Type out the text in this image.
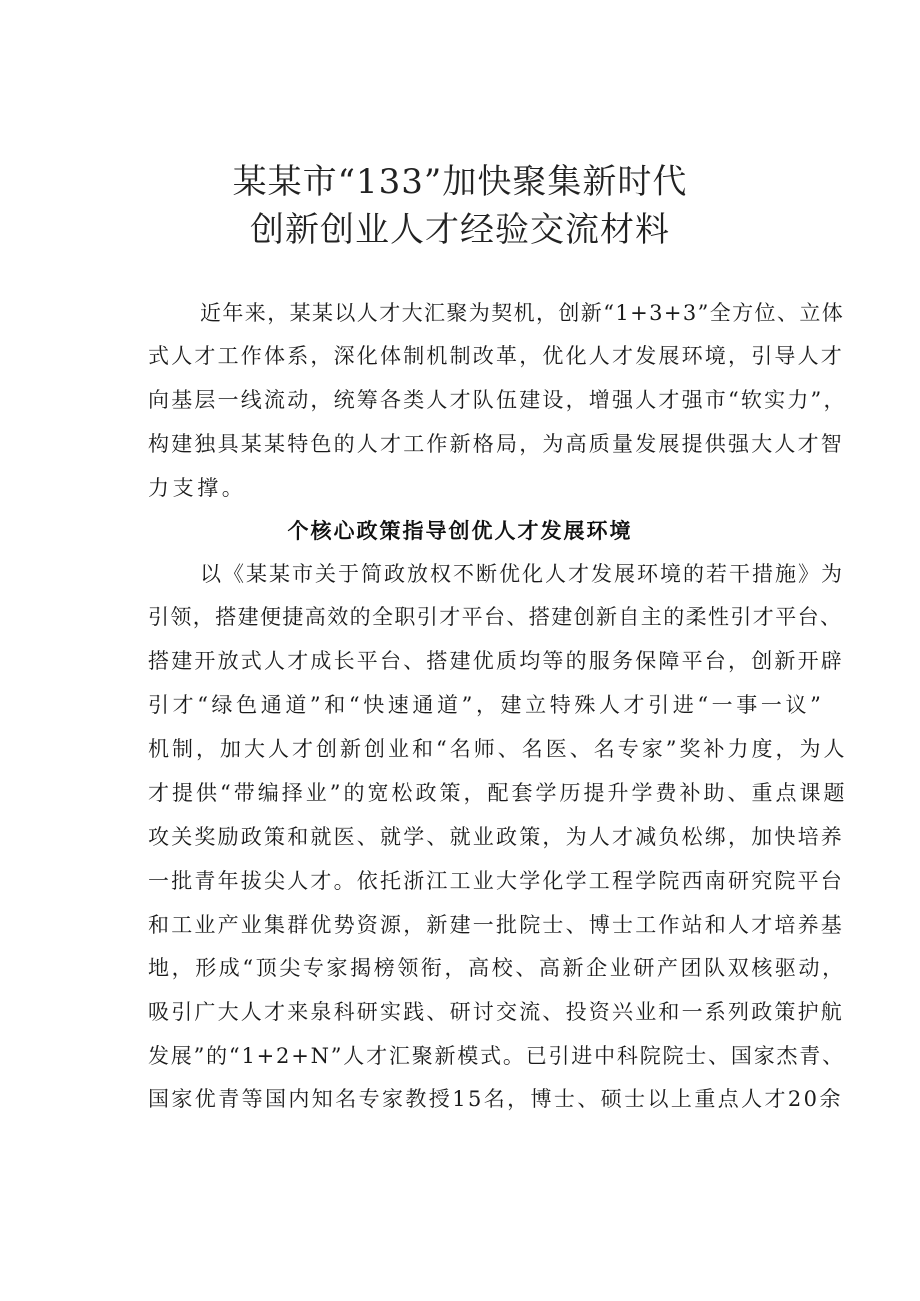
某某市“133”加快聚集新时代
创新创业人才经验交流材料

近年来，某某以人才大汇聚为契机，创新“1+3+3”全方位、立体

式人才工作体系，深化体制机制改革，优化人才发展环境，引导人才

向基层一线流动，统筹各类人才队伍建设，增强人才强市“软实力”，

构建独具某某特色的人才工作新格局，为高质量发展提供强大人才智

力支撑。

个核心政策指导创优人才发展环境

以《某某市关于简政放权不断优化人才发展环境的若干措施》为

引领，搭建便捷高效的全职引才平台、搭建创新自主的柔性引才平台、

搭建开放式人才成长平台、搭建优质均等的服务保障平台，创新开辟

引才“绿色通道”和“快速通道”，建立特殊人才引进“一事一议”

机制，加大人才创新创业和“名师、名医、名专家”奖补力度，为人

才提供“带编择业”的宽松政策，配套学历提升学费补助、重点课题

攻关奖励政策和就医、就学、就业政策，为人才减负松绑，加快培养

一批青年拔尖人才。依托浙江工业大学化学工程学院西南研究院平台

和工业产业集群优势资源，新建一批院士、博士工作站和人才培养基

地，形成“顶尖专家揭榜领衔，高校、高新企业研产团队双核驱动，

吸引广大人才来泉科研实践、研讨交流、投资兴业和一系列政策护航

发展”的“1+2+N”人才汇聚新模式。已引进中科院院士、国家杰青、

国家优青等国内知名专家教授15名，博士、硕士以上重点人才20余
